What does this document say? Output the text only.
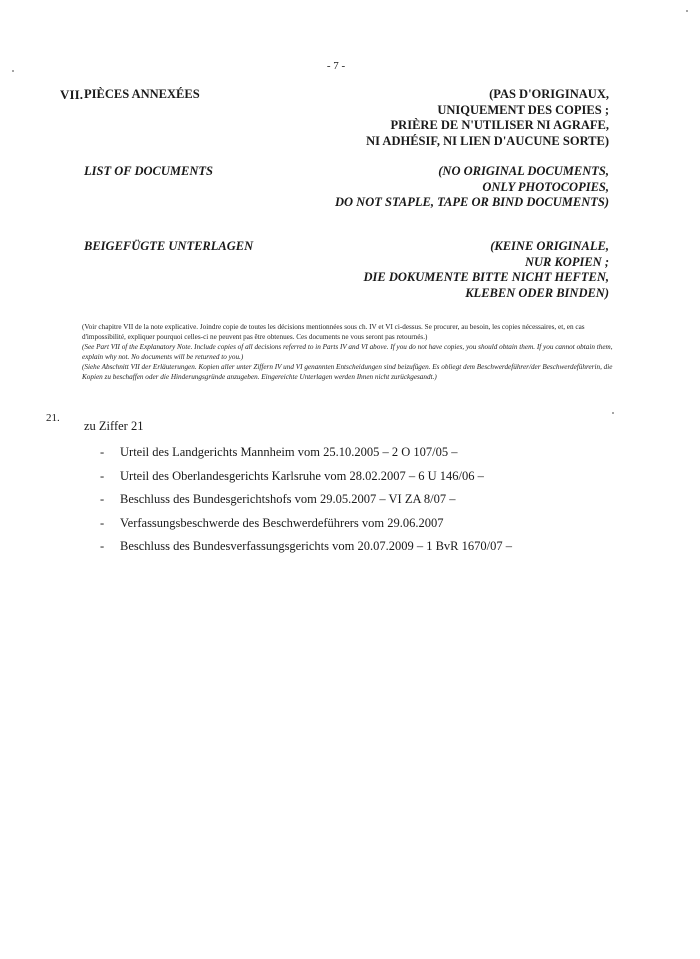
- 7 -
VII. PIÈCES ANNEXÉES	(PAS D'ORIGINAUX,
UNIQUEMENT DES COPIES ;
PRIÈRE DE N'UTILISER NI AGRAFE,
NI ADHÉSIF, NI LIEN D'AUCUNE SORTE)
LIST OF DOCUMENTS	(NO ORIGINAL DOCUMENTS,
ONLY PHOTOCOPIES,
DO NOT STAPLE, TAPE OR BIND DOCUMENTS)
BEIGEFÜGTE UNTERLAGEN	(KEINE ORIGINALE,
NUR KOPIEN ;
DIE DOKUMENTE BITTE NICHT HEFTEN,
KLEBEN ODER BINDEN)

(Voir chapitre VII de la note explicative. Joindre copie de toutes les décisions mentionnées sous ch. IV et VI ci-dessus. Se procurer, au besoin, les copies nécessaires, et, en cas d'impossibilité, expliquer pourquoi celles-ci ne peuvent pas être obtenues. Ces documents ne vous seront pas retournés.)

(See Part VII of the Explanatory Note. Include copies of all decisions referred to in Parts IV and VI above. If you do not have copies, you should obtain them. If you cannot obtain them, explain why not. No documents will be returned to you.)

(Siehe Abschnitt VII der Erläuterungen. Kopien aller unter Ziffern IV und VI genannten Entscheidungen sind beizufügen. Es obliegt dem Beschwerdeführer/der Beschwerdeführerin, die Kopien zu beschaffen oder die Hinderungsgründe anzugeben. Eingereichte Unterlagen werden Ihnen nicht zurückgesandt.)

21.
zu Ziffer 21
- Urteil des Landgerichts Mannheim vom 25.10.2005 – 2 O 107/05 –
- Urteil des Oberlandesgerichts Karlsruhe vom 28.02.2007 – 6 U 146/06 –
- Beschluss des Bundesgerichtshofs vom 29.05.2007 – VI ZA 8/07 –
- Verfassungsbeschwerde des Beschwerdeführers vom 29.06.2007
- Beschluss des Bundesverfassungsgerichts vom 20.07.2009 – 1 BvR 1670/07 –
